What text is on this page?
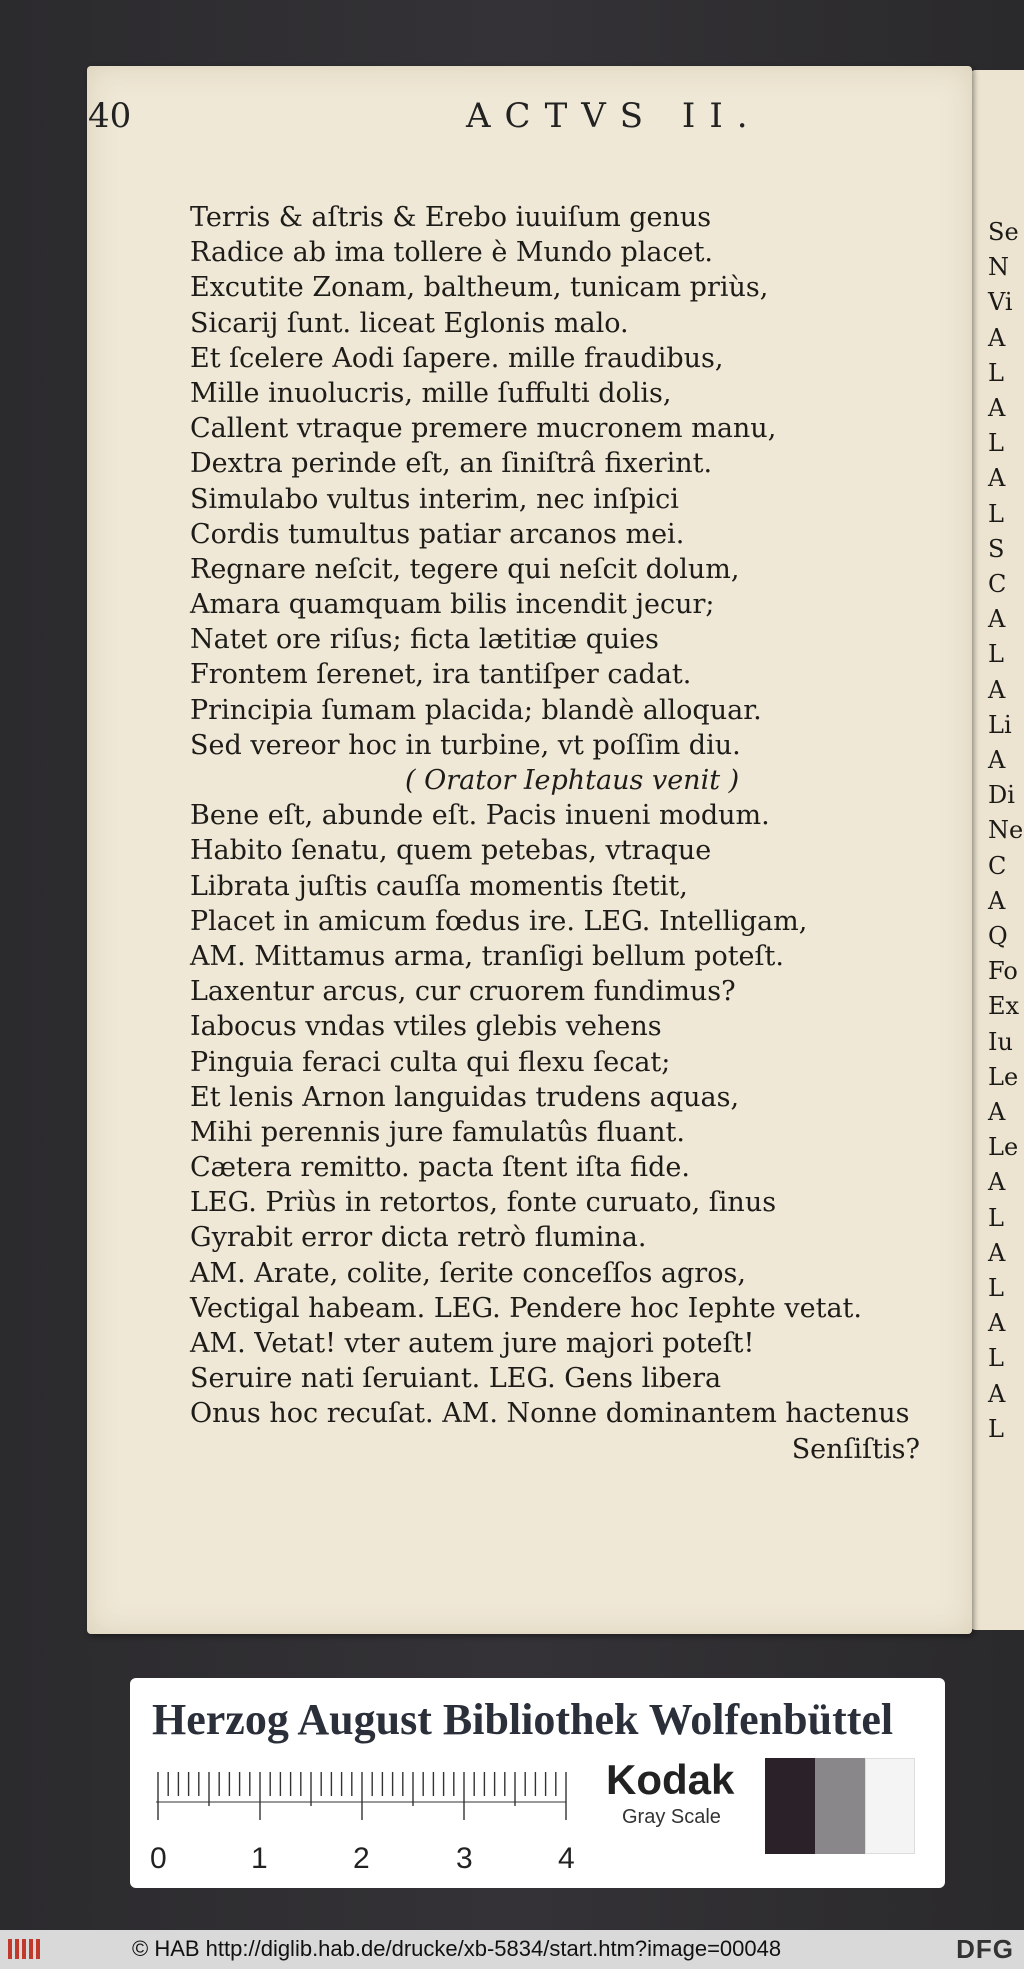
Se
N
Vi
A
L
A
L
A
L
S
C
A
L
A
Li
A
Di
Ne
C
A
Q
Fo
Ex
Iu
Le
A
Le
A
L
A
L
A
L
A
L
40	ACTVS II.
Terris & aſtris & Erebo iuuiſum genus
Radice ab ima tollere è Mundo placet.
Excutite Zonam, baltheum, tunicam priùs,
Sicarij ſunt. liceat Eglonis malo.
Et ſcelere Aodi ſapere. mille fraudibus,
Mille inuolucris, mille ſuffulti dolis,
Callent vtraque premere mucronem manu,
Dextra perinde eſt, an ſiniſtrâ fixerint.
Simulabo vultus interim, nec inſpici
Cordis tumultus patiar arcanos mei.
Regnare neſcit, tegere qui neſcit dolum,
Amara quamquam bilis incendit jecur;
Natet ore riſus; ficta lætitiæ quies
Frontem ſerenet, ira tantiſper cadat.
Principia ſumam placida; blandè alloquar.
Sed vereor hoc in turbine, vt poſſim diu.
( Orator Iephtaus venit )
Bene eſt, abunde eſt. Pacis inueni modum.
Habito ſenatu, quem petebas, vtraque
Librata juſtis cauſſa momentis ſtetit,
Placet in amicum fœdus ire. LEG. Intelligam,
AM. Mittamus arma, tranſigi bellum poteſt.
Laxentur arcus, cur cruorem fundimus?
Iabocus vndas vtiles glebis vehens
Pinguia feraci culta qui flexu ſecat;
Et lenis Arnon languidas trudens aquas,
Mihi perennis jure famulatûs fluant.
Cætera remitto. pacta ſtent iſta fide.
LEG. Priùs in retortos, fonte curuato, ſinus
Gyrabit error dicta retrò flumina.
AM. Arate, colite, ſerite conceſſos agros,
Vectigal habeam. LEG. Pendere hoc Iephte vetat.
AM. Vetat! vter autem jure majori poteſt!
Seruire nati ſeruiant. LEG. Gens libera
Onus hoc recuſat. AM. Nonne dominantem hactenus
Senſiſtis?
Herzog August Bibliothek Wolfenbüttel
0	1	2	3	4
Kodak
Gray Scale
© HAB http://diglib.hab.de/drucke/xb-5834/start.htm?image=00048	DFG
